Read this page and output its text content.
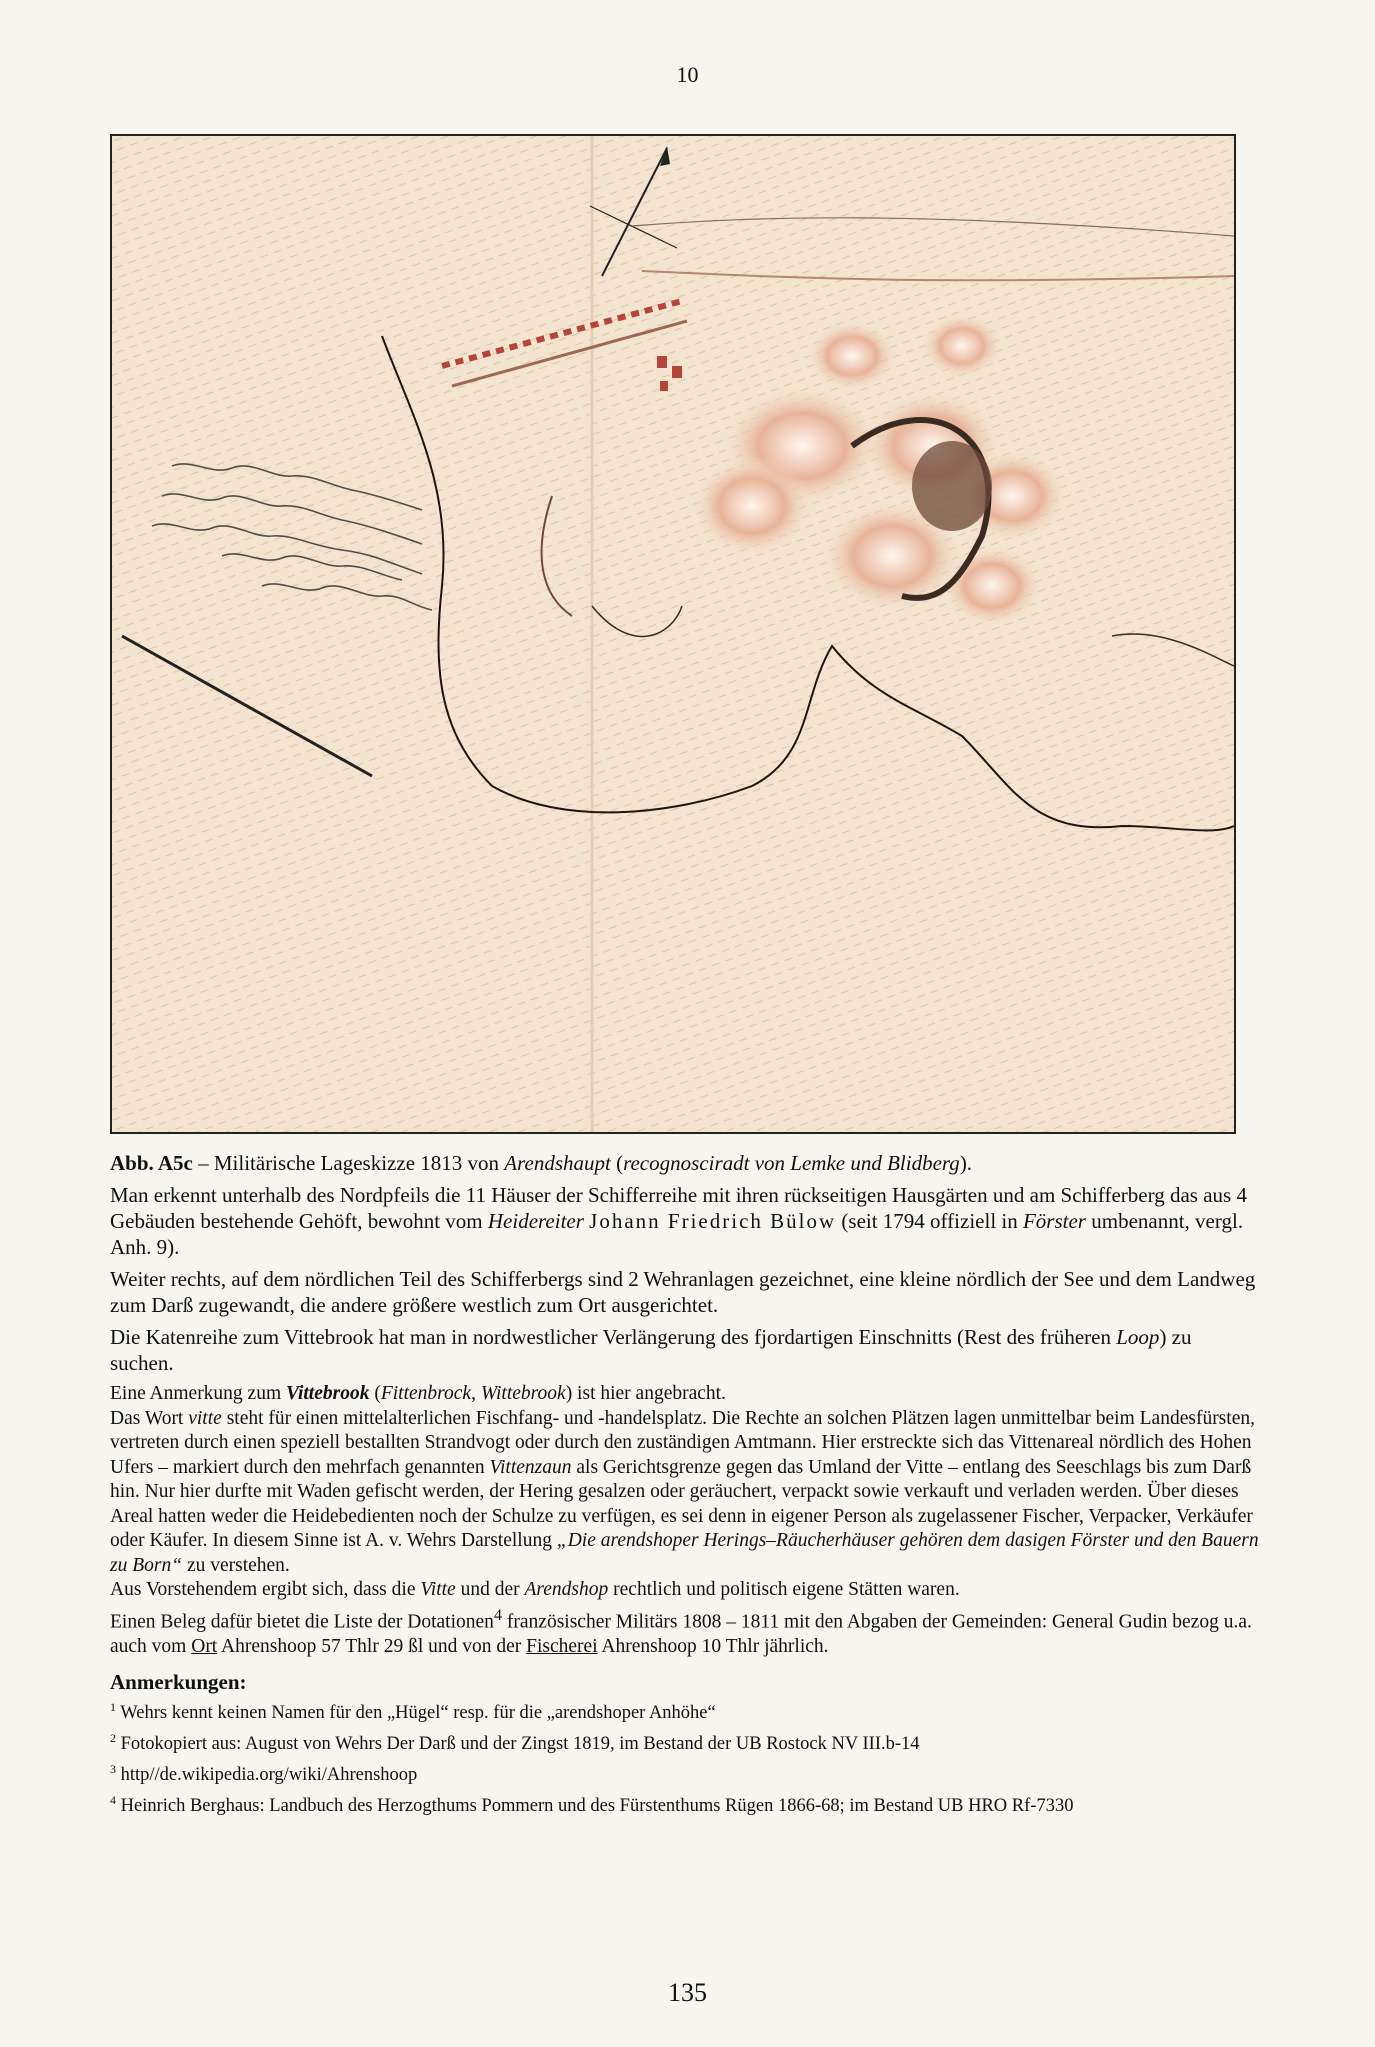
10

Abb. A5c – Militärische Lageskizze 1813 von Arendshaupt (recognosciradt von Lemke und Blidberg).

Man erkennt unterhalb des Nordpfeils die 11 Häuser der Schifferreihe mit ihren rückseitigen Hausgärten und am Schifferberg das aus 4 Gebäuden bestehende Gehöft, bewohnt vom Heidereiter Johann Friedrich Bülow (seit 1794 offiziell in Förster umbenannt, vergl. Anh. 9).

Weiter rechts, auf dem nördlichen Teil des Schifferbergs sind 2 Wehranlagen gezeichnet, eine kleine nördlich der See und dem Landweg zum Darß zugewandt, die andere größere westlich zum Ort ausgerichtet.

Die Katenreihe zum Vittebrook hat man in nordwestlicher Verlängerung des fjordartigen Einschnitts (Rest des früheren Loop) zu suchen.

Eine Anmerkung zum Vittebrook (Fittenbrock, Wittebrook) ist hier angebracht.

Das Wort vitte steht für einen mittelalterlichen Fischfang- und -handelsplatz. Die Rechte an solchen Plätzen lagen unmittelbar beim Landesfürsten, vertreten durch einen speziell bestallten Strandvogt oder durch den zuständigen Amtmann. Hier erstreckte sich das Vittenareal nördlich des Hohen Ufers – markiert durch den mehrfach genannten Vittenzaun als Gerichtsgrenze gegen das Umland der Vitte – entlang des Seeschlags bis zum Darß hin. Nur hier durfte mit Waden gefischt werden, der Hering gesalzen oder geräuchert, verpackt sowie verkauft und verladen werden. Über dieses Areal hatten weder die Heidebedienten noch der Schulze zu verfügen, es sei denn in eigener Person als zugelassener Fischer, Verpacker, Verkäufer oder Käufer. In diesem Sinne ist A. v. Wehrs Darstellung „Die arendshoper Herings–Räucherhäuser gehören dem dasigen Förster und den Bauern zu Born“ zu verstehen.

Aus Vorstehendem ergibt sich, dass die Vitte und der Arendshop rechtlich und politisch eigene Stätten waren.

Einen Beleg dafür bietet die Liste der Dotationen$^4$ französischer Militärs 1808 – 1811 mit den Abgaben der Gemeinden: General Gudin bezog u.a. auch vom Ort Ahrenshoop 57 Thlr 29 ßl und von der Fischerei Ahrenshoop 10 Thlr jährlich.

Anmerkungen:
$^1$ Wehrs kennt keinen Namen für den „Hügel“ resp. für die „arendshoper Anhöhe“
$^2$ Fotokopiert aus: August von Wehrs Der Darß und der Zingst 1819, im Bestand der UB Rostock NV III.b-14
$^3$ http//de.wikipedia.org/wiki/Ahrenshoop
$^4$ Heinrich Berghaus: Landbuch des Herzogthums Pommern und des Fürstenthums Rügen 1866-68; im Bestand UB HRO Rf-7330
135
